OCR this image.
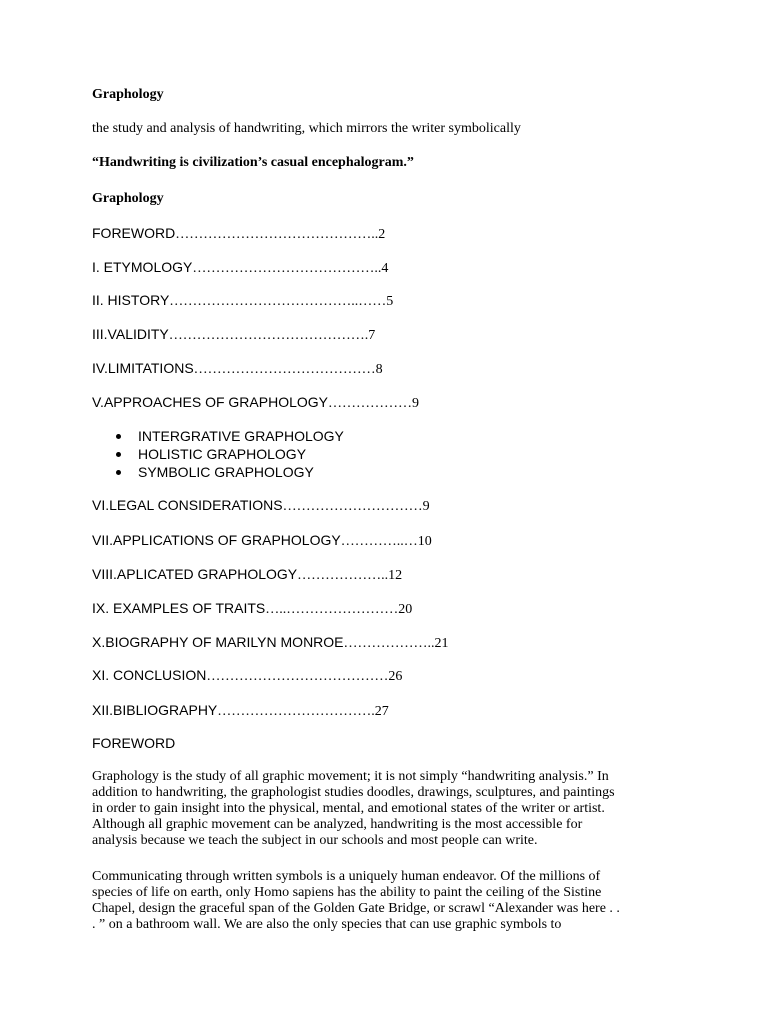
Graphology
the study and analysis of handwriting, which mirrors the writer symbolically
“Handwriting is civilization’s casual encephalogram.”
Graphology
FOREWORD……………………………………..2
I. ETYMOLOGY…………………………………..4
II. HISTORY…………………………………..……5
III.VALIDITY…………………………………….7
IV.LIMITATIONS…………………………………8
V.APPROACHES OF GRAPHOLOGY………………9
INTERGRATIVE GRAPHOLOGY
HOLISTIC GRAPHOLOGY
SYMBOLIC GRAPHOLOGY
VI.LEGAL CONSIDERATIONS…………………………9
VII.APPLICATIONS OF GRAPHOLOGY…………..…10
VIII.APLICATED GRAPHOLOGY………………..12
IX. EXAMPLES OF TRAITS…..……………………20
X.BIOGRAPHY OF MARILYN MONROE………………..21
XI. CONCLUSION…………………………………26
XII.BIBLIOGRAPHY…………………………….27
FOREWORD
Graphology is the study of all graphic movement; it is not simply “handwriting analysis.” In
addition to handwriting, the graphologist studies doodles, drawings, sculptures, and paintings
in order to gain insight into the physical, mental, and emotional states of the writer or artist.
Although all graphic movement can be analyzed, handwriting is the most accessible for
analysis because we teach the subject in our schools and most people can write.
Communicating through written symbols is a uniquely human endeavor. Of the millions of
species of life on earth, only Homo sapiens has the ability to paint the ceiling of the Sistine
Chapel, design the graceful span of the Golden Gate Bridge, or scrawl “Alexander was here . .
. ” on a bathroom wall. We are also the only species that can use graphic symbols to
